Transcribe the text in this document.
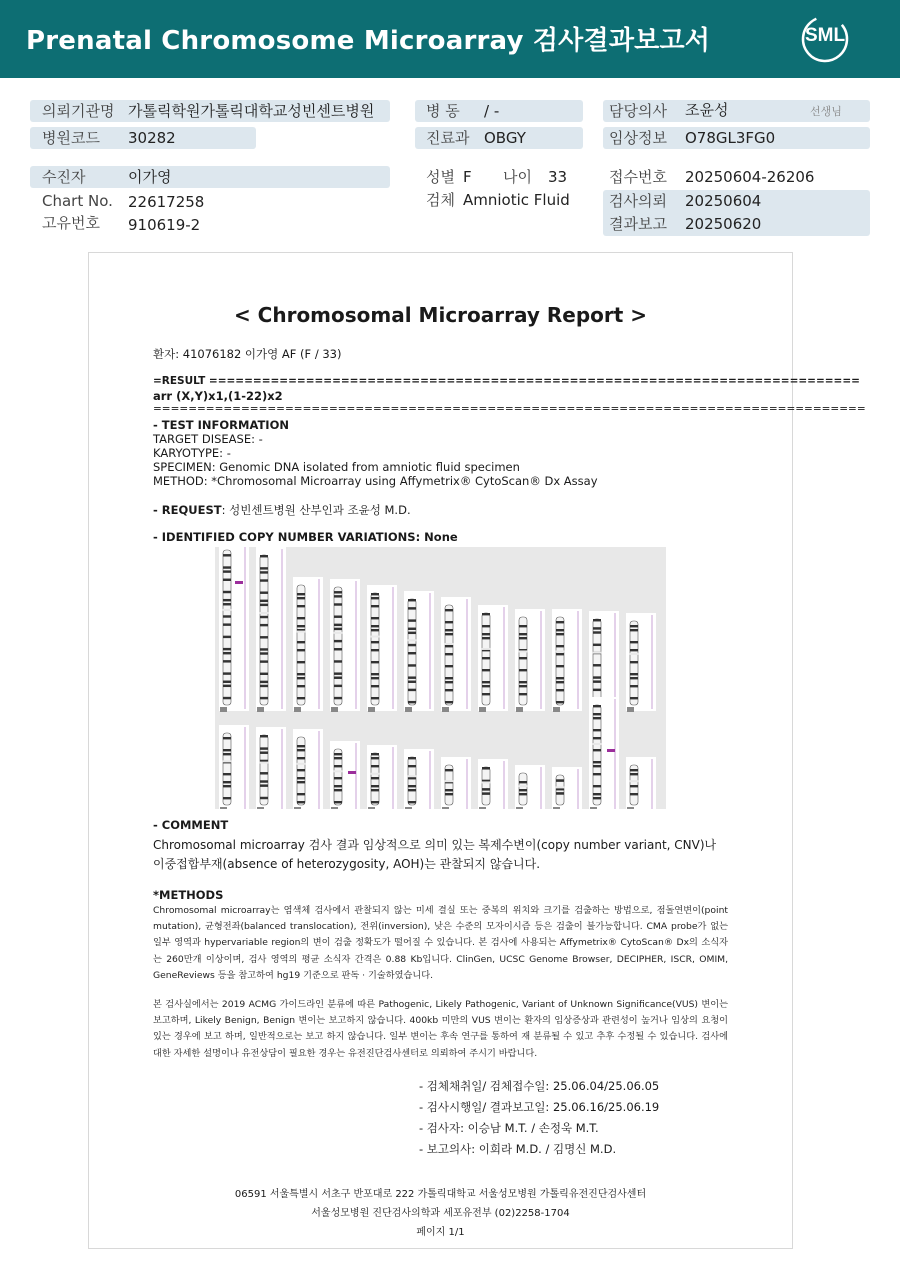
Prenatal Chromosome Microarray 검사결과보고서	SML
의뢰기관명 가톨릭학원가톨릭대학교성빈센트병원
병원코드 30282
수진자	이가영
Chart No. 22617258
고유번호 910619-2
병 동 / -
진료과 OBGY
성별 F 나이 33
검체 Amniotic Fluid
담당의사 조윤성	선생님
임상정보 O78GL3FG0
접수번호 20250604-26206
검사의뢰 20250604
결과보고 20250620
< Chromosomal Microarray Report >
환자: 41076182 이가영 AF (F / 33)
=RESULT ==========================================================================
arr (X,Y)x1,(1-22)x2
=================================================================================
- TEST INFORMATION
TARGET DISEASE: -
KARYOTYPE: -
SPECIMEN: Genomic DNA isolated from amniotic fluid specimen
METHOD: *Chromosomal Microarray using Affymetrix® CytoScan® Dx Assay
- REQUEST: 성빈센트병원 산부인과 조윤성 M.D.
- IDENTIFIED COPY NUMBER VARIATIONS: None
- COMMENT
Chromosomal microarray 검사 결과 임상적으로 의미 있는 복제수변이(copy number variant, CNV)나
이중접합부재(absence of heterozygosity, AOH)는 관찰되지 않습니다.
*METHODS
Chromosomal microarray는 염색체 검사에서 관찰되지 않는 미세 결실 또는 중복의 위치와 크기를 검출하는 방법으로, 점돌연변이(point mutation), 균형전좌(balanced translocation), 전위(inversion), 낮은 수준의 모자이시즘 등은 검출이 불가능합니다. CMA probe가 없는 일부 영역과 hypervariable region의 변이 검출 정확도가 떨어질 수 있습니다. 본 검사에 사용되는 Affymetrix® CytoScan® Dx의 소식자는 260만개 이상이며, 검사 영역의 평균 소식자 간격은 0.88 Kb입니다. ClinGen, UCSC Genome Browser, DECIPHER, ISCR, OMIM, GeneReviews 등을 참고하여 hg19 기준으로 판독 · 기술하였습니다.
본 검사실에서는 2019 ACMG 가이드라인 분류에 따른 Pathogenic, Likely Pathogenic, Variant of Unknown Significance(VUS) 변이는 보고하며, Likely Benign, Benign 변이는 보고하지 않습니다. 400kb 미만의 VUS 변이는 환자의 임상증상과 관련성이 높거나 임상의 요청이 있는 경우에 보고 하며, 일반적으로는 보고 하지 않습니다. 일부 변이는 후속 연구를 통하여 재 분류될 수 있고 추후 수정될 수 있습니다. 검사에 대한 자세한 설명이나 유전상담이 필요한 경우는 유전진단검사센터로 의뢰하여 주시기 바랍니다.
- 검체채취일/ 검체접수일: 25.06.04/25.06.05
- 검사시행일/ 결과보고일: 25.06.16/25.06.19
- 검사자: 이승남 M.T. / 손정욱 M.T.
- 보고의사: 이희라 M.D. / 김명신 M.D.
06591 서울특별시 서초구 반포대로 222 가톨릭대학교 서울성모병원 가톨릭유전진단검사센터
서울성모병원 진단검사의학과 세포유전부 (02)2258-1704
페이지 1/1
